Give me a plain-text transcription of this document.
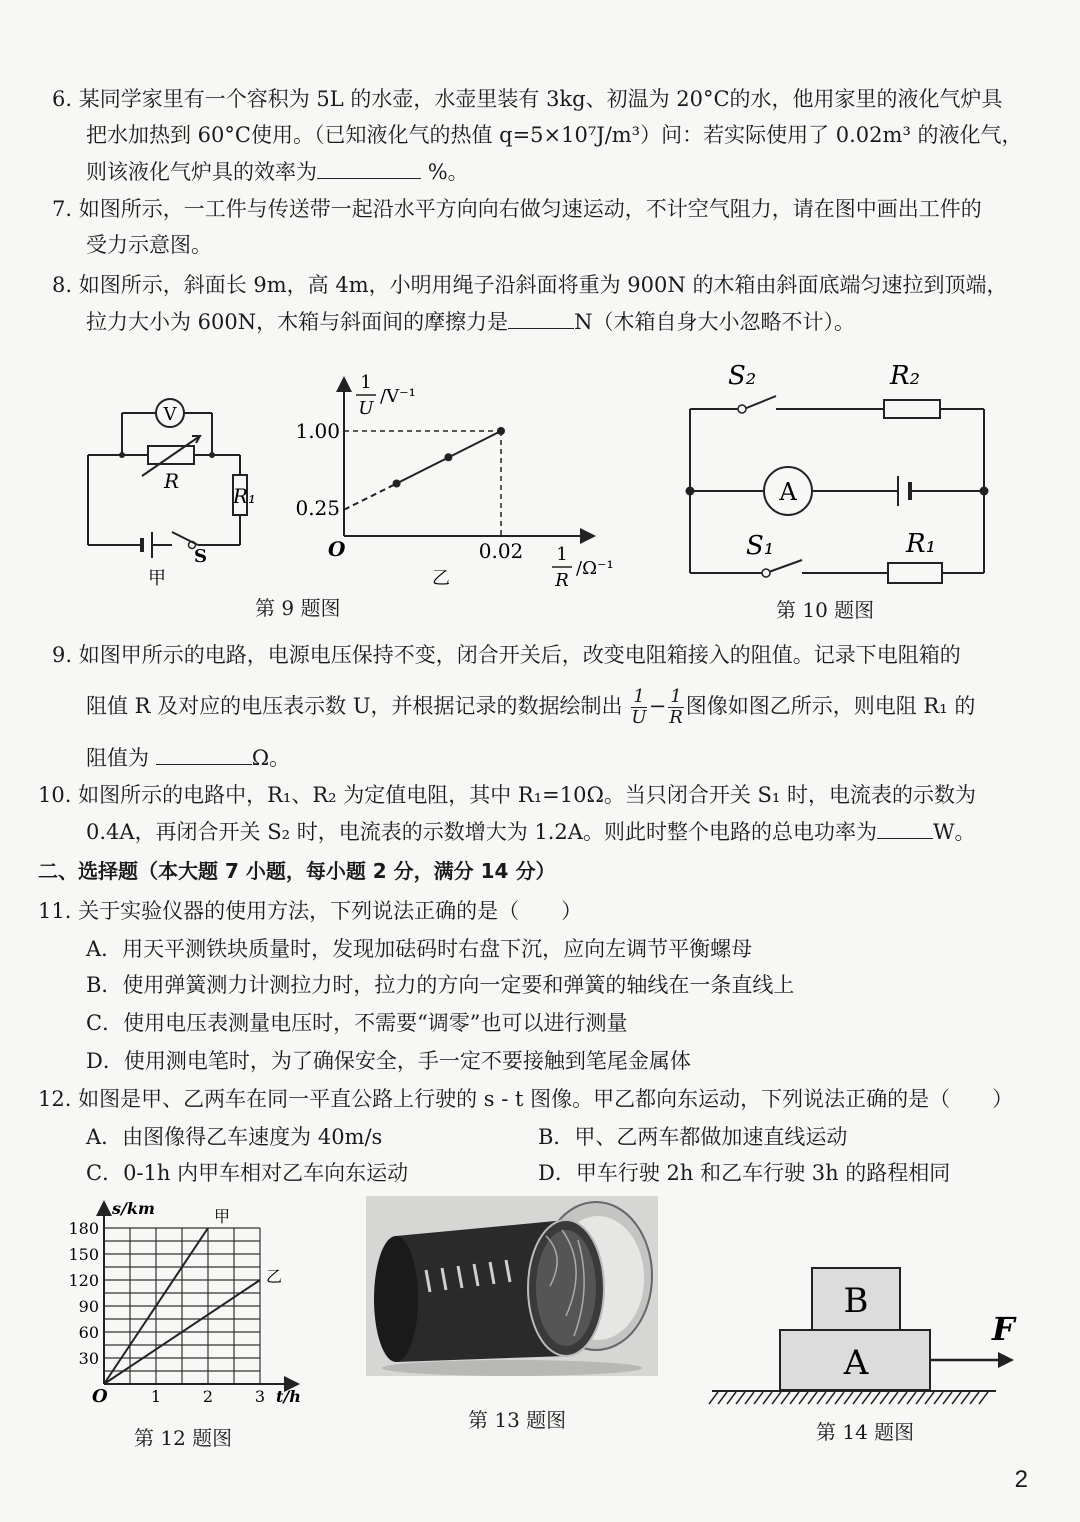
6. 某同学家里有一个容积为 5L 的水壶，水壶里装有 3kg、初温为 20°C的水，他用家里的液化气炉具
把水加热到 60°C使用。（已知液化气的热值 q=5×10⁷J/m³）问：若实际使用了 0.02m³ 的液化气，
则该液化气炉具的效率为	%。
7. 如图所示，一工件与传送带一起沿水平方向向右做匀速运动，不计空气阻力，请在图中画出工件的
受力示意图。
8. 如图所示，斜面长 9m，高 4m，小明用绳子沿斜面将重为 900N 的木箱由斜面底端匀速拉到顶端，
拉力大小为 600N，木箱与斜面间的摩擦力是	N（木箱自身大小忽略不计）。
V
R
R₁
S
甲
O
1.00
0.25
0.02
1
U
/V⁻¹
1
R
/Ω⁻¹
乙
第 9 题图
S₂	R₂
A
S₁	R₁
第 10 题图
9. 如图甲所示的电路，电源电压保持不变，闭合开关后，改变电阻箱接入的阻值。记录下电阻箱的
阻值 R 及对应的电压表示数 U，并根据记录的数据绘制出 $\frac{1}{U} - \frac{1}{R}$ 图像如图乙所示，则电阻 R₁ 的
阻值为	Ω。
10. 如图所示的电路中，R₁、R₂ 为定值电阻，其中 R₁=10Ω。当只闭合开关 S₁ 时，电流表的示数为
0.4A，再闭合开关 S₂ 时，电流表的示数增大为 1.2A。则此时整个电路的总电功率为	W。
二、选择题（本大题 7 小题，每小题 2 分，满分 14 分）
11. 关于实验仪器的使用方法，下列说法正确的是（　　）
A．用天平测铁块质量时，发现加砝码时右盘下沉，应向左调节平衡螺母
B．使用弹簧测力计测拉力时，拉力的方向一定要和弹簧的轴线在一条直线上
C．使用电压表测量电压时，不需要“调零”也可以进行测量
D．使用测电笔时，为了确保安全，手一定不要接触到笔尾金属体
12. 如图是甲、乙两车在同一平直公路上行驶的 s - t 图像。甲乙都向东运动，下列说法正确的是（　　）
A．由图像得乙车速度为 40m/s	B．甲、乙两车都做加速直线运动
C．0-1h 内甲车相对乙车向东运动	D．甲车行驶 2h 和乙车行驶 3h 的路程相同
甲
乙
1	2	3
30
60
90
120
150
180
s/km
t/h
O
第 12 题图
第 13 题图
B
A
F
第 14 题图
2
